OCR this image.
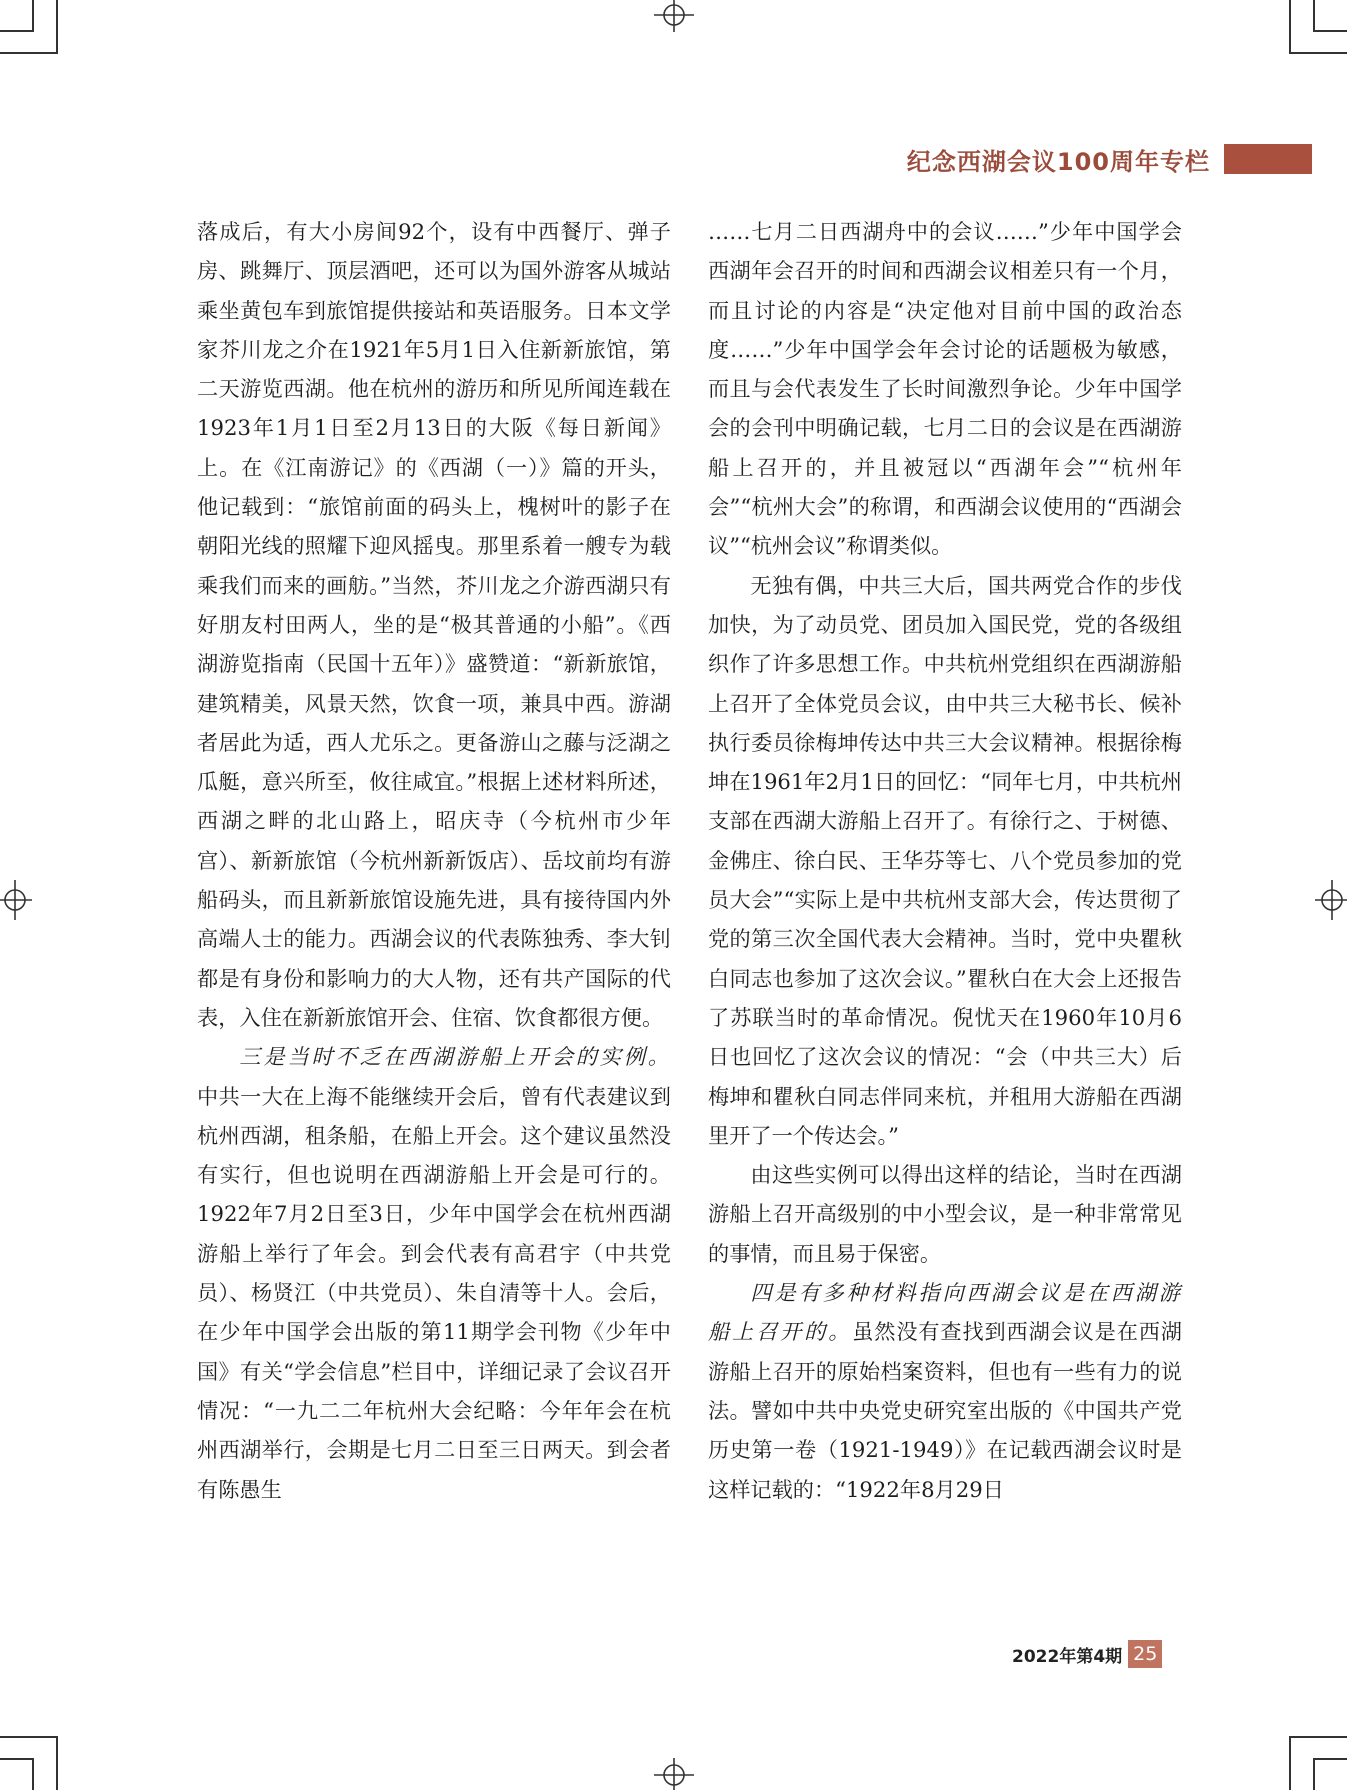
纪念西湖会议100周年专栏

落成后，有大小房间92个，设有中西餐厅、弹子房、跳舞厅、顶层酒吧，还可以为国外游客从城站乘坐黄包车到旅馆提供接站和英语服务。日本文学家芥川龙之介在1921年5月1日入住新新旅馆，第二天游览西湖。他在杭州的游历和所见所闻连载在1923年1月1日至2月13日的大阪《每日新闻》上。在《江南游记》的《西湖（一）》篇的开头，他记载到：“旅馆前面的码头上，槐树叶的影子在朝阳光线的照耀下迎风摇曳。那里系着一艘专为载乘我们而来的画舫。”当然，芥川龙之介游西湖只有好朋友村田两人，坐的是“极其普通的小船”。《西湖游览指南（民国十五年）》盛赞道：“新新旅馆，建筑精美，风景天然，饮食一项，兼具中西。游湖者居此为适，西人尤乐之。更备游山之藤与泛湖之瓜艇，意兴所至，攸往咸宜。”根据上述材料所述，西湖之畔的北山路上，昭庆寺（今杭州市少年宫）、新新旅馆（今杭州新新饭店）、岳坟前均有游船码头，而且新新旅馆设施先进，具有接待国内外高端人士的能力。西湖会议的代表陈独秀、李大钊都是有身份和影响力的大人物，还有共产国际的代表，入住在新新旅馆开会、住宿、饮食都很方便。

三是当时不乏在西湖游船上开会的实例。中共一大在上海不能继续开会后，曾有代表建议到杭州西湖，租条船，在船上开会。这个建议虽然没有实行，但也说明在西湖游船上开会是可行的。1922年7月2日至3日，少年中国学会在杭州西湖游船上举行了年会。到会代表有高君宇（中共党员）、杨贤江（中共党员）、朱自清等十人。会后，在少年中国学会出版的第11期学会刊物《少年中国》有关“学会信息”栏目中，详细记录了会议召开情况：“一九二二年杭州大会纪略：今年年会在杭州西湖举行，会期是七月二日至三日两天。到会者有陈愚生

……七月二日西湖舟中的会议……”少年中国学会西湖年会召开的时间和西湖会议相差只有一个月，而且讨论的内容是“决定他对目前中国的政治态度……”少年中国学会年会讨论的话题极为敏感，而且与会代表发生了长时间激烈争论。少年中国学会的会刊中明确记载，七月二日的会议是在西湖游船上召开的，并且被冠以“西湖年会”“杭州年会”“杭州大会”的称谓，和西湖会议使用的“西湖会议”“杭州会议”称谓类似。

无独有偶，中共三大后，国共两党合作的步伐加快，为了动员党、团员加入国民党，党的各级组织作了许多思想工作。中共杭州党组织在西湖游船上召开了全体党员会议，由中共三大秘书长、候补执行委员徐梅坤传达中共三大会议精神。根据徐梅坤在1961年2月1日的回忆：“同年七月，中共杭州支部在西湖大游船上召开了。有徐行之、于树德、金佛庄、徐白民、王华芬等七、八个党员参加的党员大会”“实际上是中共杭州支部大会，传达贯彻了党的第三次全国代表大会精神。当时，党中央瞿秋白同志也参加了这次会议。”瞿秋白在大会上还报告了苏联当时的革命情况。倪忧天在1960年10月6日也回忆了这次会议的情况：“会（中共三大）后梅坤和瞿秋白同志伴同来杭，并租用大游船在西湖里开了一个传达会。”

由这些实例可以得出这样的结论，当时在西湖游船上召开高级别的中小型会议，是一种非常常见的事情，而且易于保密。

四是有多种材料指向西湖会议是在西湖游船上召开的。虽然没有查找到西湖会议是在西湖游船上召开的原始档案资料，但也有一些有力的说法。譬如中共中央党史研究室出版的《中国共产党历史第一卷（1921-1949）》在记载西湖会议时是这样记载的：“1922年8月29日

2022年第4期 25
